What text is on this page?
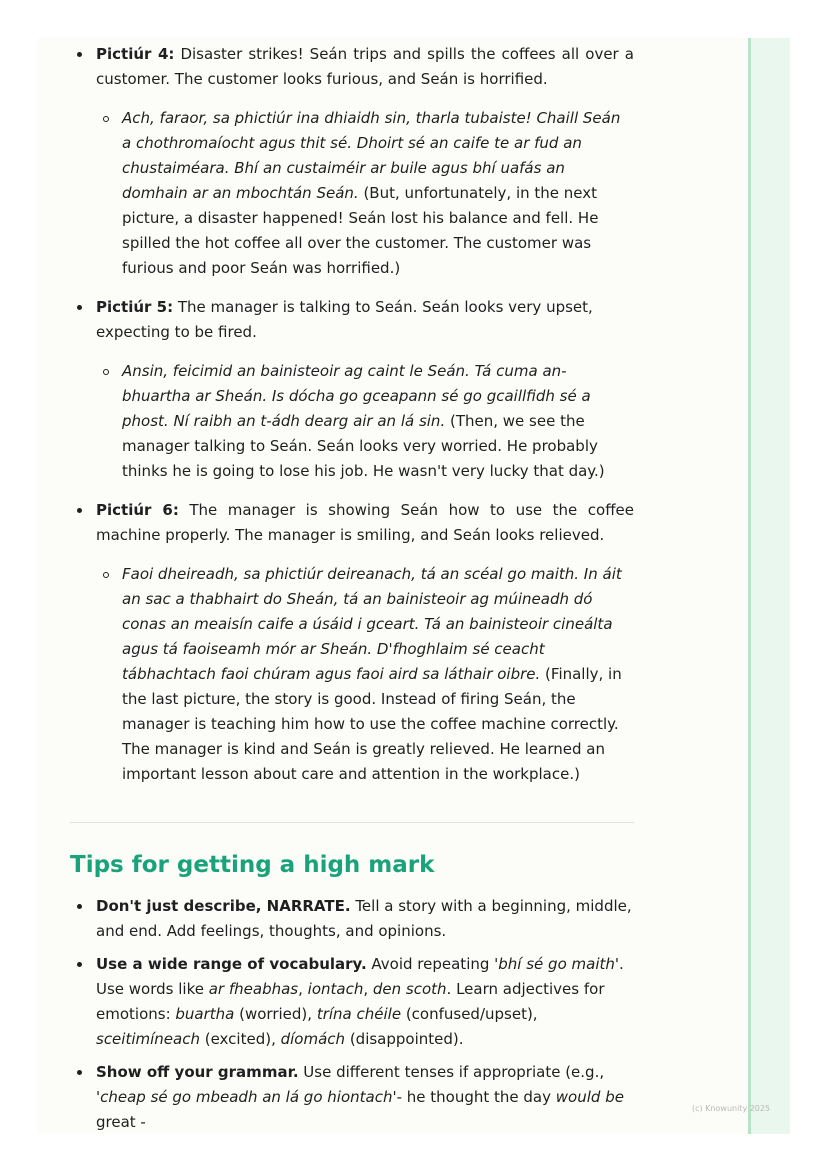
Pictiúr 4: Disaster strikes! Seán trips and spills the coffees all over a customer. The customer looks furious, and Seán is horrified.
Ach, faraor, sa phictiúr ina dhiaidh sin, tharla tubaiste! Chaill Seán a chothromaíocht agus thit sé. Dhoirt sé an caife te ar fud an chustaiméara. Bhí an custaiméir ar buile agus bhí uafás an domhain ar an mbochtán Seán. (But, unfortunately, in the next picture, a disaster happened! Seán lost his balance and fell. He spilled the hot coffee all over the customer. The customer was furious and poor Seán was horrified.)
Pictiúr 5: The manager is talking to Seán. Seán looks very upset, expecting to be fired.
Ansin, feicimid an bainisteoir ag caint le Seán. Tá cuma an-bhuartha ar Sheán. Is dócha go gceapann sé go gcaillfidh sé a phost. Ní raibh an t-ádh dearg air an lá sin. (Then, we see the manager talking to Seán. Seán looks very worried. He probably thinks he is going to lose his job. He wasn't very lucky that day.)
Pictiúr 6: The manager is showing Seán how to use the coffee machine properly. The manager is smiling, and Seán looks relieved.
Faoi dheireadh, sa phictiúr deireanach, tá an scéal go maith. In áit an sac a thabhairt do Sheán, tá an bainisteoir ag múineadh dó conas an meaisín caife a úsáid i gceart. Tá an bainisteoir cineálta agus tá faoiseamh mór ar Sheán. D'fhoghlaim sé ceacht tábhachtach faoi chúram agus faoi aird sa láthair oibre. (Finally, in the last picture, the story is good. Instead of firing Seán, the manager is teaching him how to use the coffee machine correctly. The manager is kind and Seán is greatly relieved. He learned an important lesson about care and attention in the workplace.)
Tips for getting a high mark
Don't just describe, NARRATE. Tell a story with a beginning, middle, and end. Add feelings, thoughts, and opinions.
Use a wide range of vocabulary. Avoid repeating 'bhí sé go maith'. Use words like ar fheabhas, iontach, den scoth. Learn adjectives for emotions: buartha (worried), trína chéile (confused/upset), sceitimíneach (excited), díomách (disappointed).
Show off your grammar. Use different tenses if appropriate (e.g., 'cheap sé go mbeadh an lá go hiontach'- he thought the day would be great -
(c) Knowunity 2025
